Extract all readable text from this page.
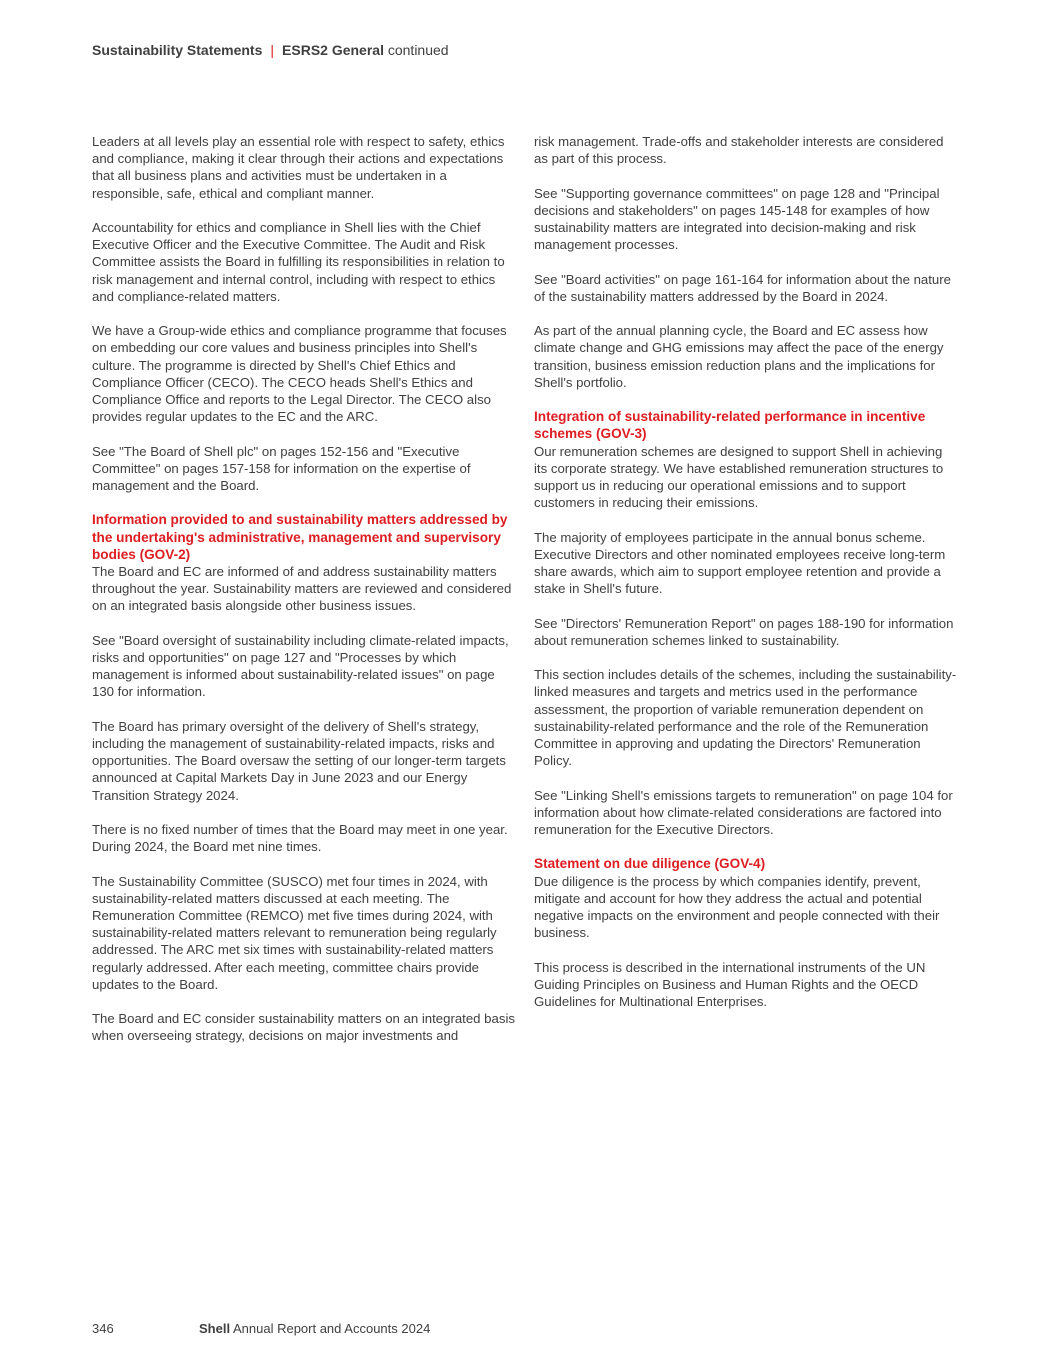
Sustainability Statements | ESRS2 General continued

Leaders at all levels play an essential role with respect to safety, ethics and compliance, making it clear through their actions and expectations that all business plans and activities must be undertaken in a responsible, safe, ethical and compliant manner.

Accountability for ethics and compliance in Shell lies with the Chief Executive Officer and the Executive Committee. The Audit and Risk Committee assists the Board in fulfilling its responsibilities in relation to risk management and internal control, including with respect to ethics and compliance-related matters.

We have a Group-wide ethics and compliance programme that focuses on embedding our core values and business principles into Shell's culture. The programme is directed by Shell's Chief Ethics and Compliance Officer (CECO). The CECO heads Shell's Ethics and Compliance Office and reports to the Legal Director. The CECO also provides regular updates to the EC and the ARC.

See "The Board of Shell plc" on pages 152-156 and "Executive Committee" on pages 157-158 for information on the expertise of management and the Board.

Information provided to and sustainability matters addressed by the undertaking's administrative, management and supervisory bodies (GOV-2)

The Board and EC are informed of and address sustainability matters throughout the year. Sustainability matters are reviewed and considered on an integrated basis alongside other business issues.

See "Board oversight of sustainability including climate-related impacts, risks and opportunities" on page 127 and "Processes by which management is informed about sustainability-related issues" on page 130 for information.

The Board has primary oversight of the delivery of Shell's strategy, including the management of sustainability-related impacts, risks and opportunities. The Board oversaw the setting of our longer-term targets announced at Capital Markets Day in June 2023 and our Energy Transition Strategy 2024.

There is no fixed number of times that the Board may meet in one year. During 2024, the Board met nine times.

The Sustainability Committee (SUSCO) met four times in 2024, with sustainability-related matters discussed at each meeting. The Remuneration Committee (REMCO) met five times during 2024, with sustainability-related matters relevant to remuneration being regularly addressed. The ARC met six times with sustainability-related matters regularly addressed. After each meeting, committee chairs provide updates to the Board.

The Board and EC consider sustainability matters on an integrated basis when overseeing strategy, decisions on major investments and

risk management. Trade-offs and stakeholder interests are considered as part of this process.

See "Supporting governance committees" on page 128 and "Principal decisions and stakeholders" on pages 145-148 for examples of how sustainability matters are integrated into decision-making and risk management processes.

See "Board activities" on page 161-164 for information about the nature of the sustainability matters addressed by the Board in 2024.

As part of the annual planning cycle, the Board and EC assess how climate change and GHG emissions may affect the pace of the energy transition, business emission reduction plans and the implications for Shell's portfolio.

Integration of sustainability-related performance in incentive schemes (GOV-3)

Our remuneration schemes are designed to support Shell in achieving its corporate strategy. We have established remuneration structures to support us in reducing our operational emissions and to support customers in reducing their emissions.

The majority of employees participate in the annual bonus scheme. Executive Directors and other nominated employees receive long-term share awards, which aim to support employee retention and provide a stake in Shell's future.

See "Directors' Remuneration Report" on pages 188-190 for information about remuneration schemes linked to sustainability.

This section includes details of the schemes, including the sustainability-linked measures and targets and metrics used in the performance assessment, the proportion of variable remuneration dependent on sustainability-related performance and the role of the Remuneration Committee in approving and updating the Directors' Remuneration Policy.

See "Linking Shell's emissions targets to remuneration" on page 104 for information about how climate-related considerations are factored into remuneration for the Executive Directors.

Statement on due diligence (GOV-4)

Due diligence is the process by which companies identify, prevent, mitigate and account for how they address the actual and potential negative impacts on the environment and people connected with their business.

This process is described in the international instruments of the UN Guiding Principles on Business and Human Rights and the OECD Guidelines for Multinational Enterprises.

346	Shell Annual Report and Accounts 2024
